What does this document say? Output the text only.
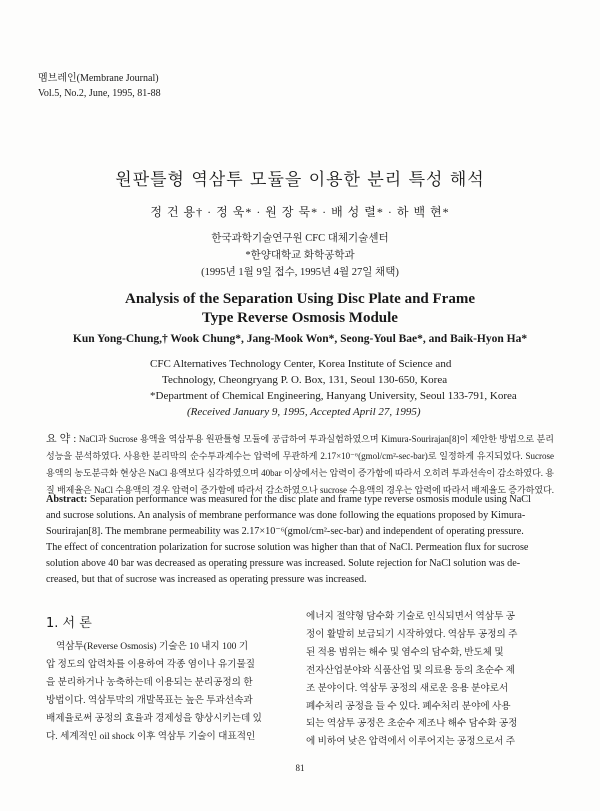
멤브레인(Membrane Journal)
Vol.5, No.2, June, 1995, 81-88
원판틀형 역삼투 모듈을 이용한 분리 특성 해석
정 건 용† · 정 욱* · 원 장 묵* · 배 성 렬* · 하 백 현*
한국과학기술연구원 CFC 대체기술센터
*한양대학교 화학공학과
(1995년 1월 9일 접수, 1995년 4월 27일 채택)
Analysis of the Separation Using Disc Plate and Frame
Type Reverse Osmosis Module
Kun Yong-Chung,† Wook Chung*, Jang-Mook Won*, Seong-Youl Bae*, and Baik-Hyon Ha*
CFC Alternatives Technology Center, Korea Institute of Science and
Technology, Cheongryang P. O. Box, 131, Seoul 130-650, Korea
*Department of Chemical Engineering, Hanyang University, Seoul 133-791, Korea
(Received January 9, 1995, Accepted April 27, 1995)
요 약 : NaCl과 Sucrose 용액을 역삼투용 원판틀형 모듈에 공급하여 투과실험하였으며 Kimura-Sourirajan[8]이 제안한 방법으로 분리성능을 분석하였다. 사용한 분리막의 순수투과계수는 압력에 무관하게 2.17×10⁻⁶(gmol/cm²-sec-bar)로 일정하게 유지되었다. Sucrose 용액의 농도분극화 현상은 NaCl 용액보다 심각하였으며 40bar 이상에서는 압력이 증가함에 따라서 오히려 투과선속이 감소하였다. 용질 배제율은 NaCl 수용액의 경우 압력이 증가함에 따라서 감소하였으나 sucrose 수용액의 경우는 압력에 따라서 배제율도 증가하였다.
Abstract: Separation performance was measured for the disc plate and frame type reverse osmosis module using NaCl
and sucrose solutions. An analysis of membrane performance was done following the equations proposed by Kimura-
Sourirajan[8]. The membrane permeability was 2.17×10⁻⁶(gmol/cm²-sec-bar) and independent of operating pressure.
The effect of concentration polarization for sucrose solution was higher than that of NaCl. Permeation flux for sucrose
solution above 40 bar was decreased as operating pressure was increased. Solute rejection for NaCl solution was de-
creased, but that of sucrose was increased as operating pressure was increased.
1. 서 론
역삼투(Reverse Osmosis) 기술은 10 내지 100 기
압 정도의 압력차를 이용하여 각종 염이나 유기물질
을 분리하거나 농축하는데 이용되는 분리공정의 한
방법이다. 역삼투막의 개발목표는 높은 투과선속과
배제율로써 공정의 효율과 경제성을 향상시키는데 있
다. 세계적인 oil shock 이후 역삼투 기술이 대표적인
에너지 절약형 담수화 기술로 인식되면서 역삼투 공
정이 활발히 보급되기 시작하였다. 역삼투 공정의 주
된 적용 범위는 해수 및 염수의 담수화, 반도체 및
전자산업분야와 식품산업 및 의료용 등의 초순수 제
조 분야이다. 역삼투 공정의 새로운 응용 분야로서
폐수처리 공정을 들 수 있다. 폐수처리 분야에 사용
되는 역삼투 공정은 초순수 제조나 해수 담수화 공정
에 비하여 낮은 압력에서 이루어지는 공정으로서 주
81
